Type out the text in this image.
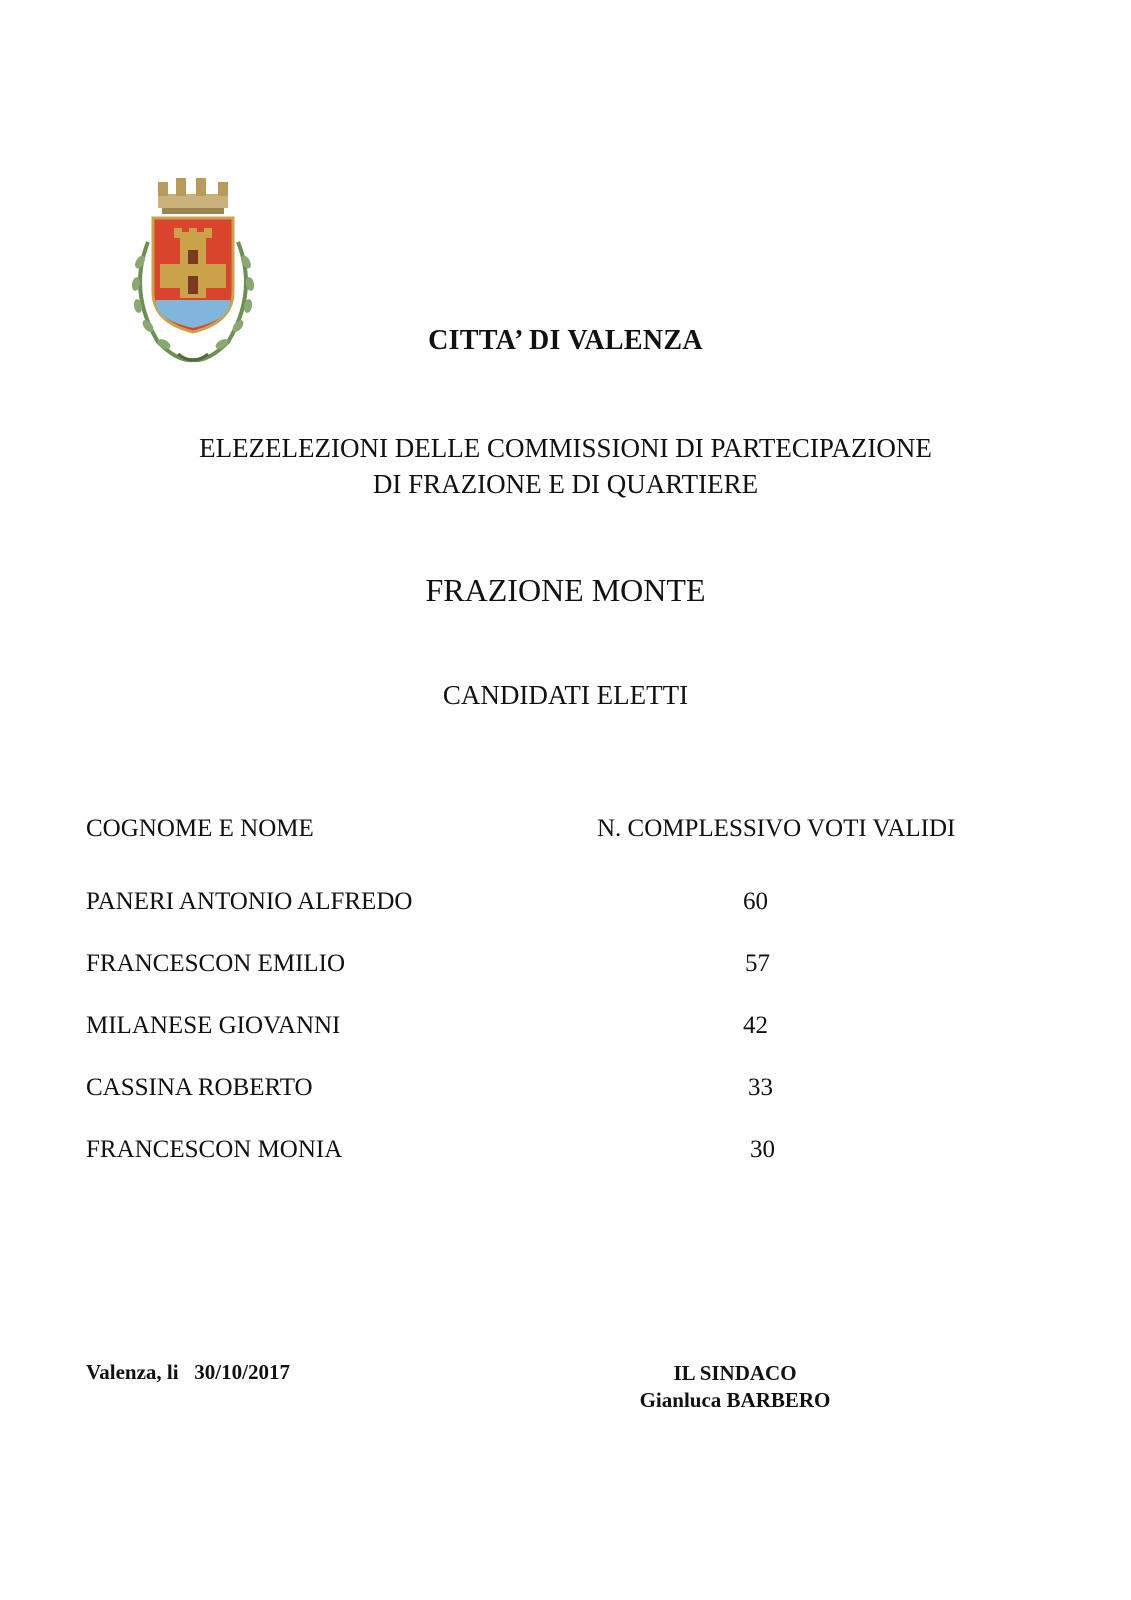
CITTA’ DI VALENZA
ELEZELEZIONI DELLE COMMISSIONI DI PARTECIPAZIONE
DI FRAZIONE E DI QUARTIERE
FRAZIONE MONTE
CANDIDATI ELETTI
COGNOME E NOME	N. COMPLESSIVO VOTI VALIDI
PANERI ANTONIO ALFREDO	60
FRANCESCON EMILIO	57
MILANESE GIOVANNI	42
CASSINA ROBERTO	33
FRANCESCON MONIA	30
Valenza, li   30/10/2017	IL SINDACO
Gianluca BARBERO
